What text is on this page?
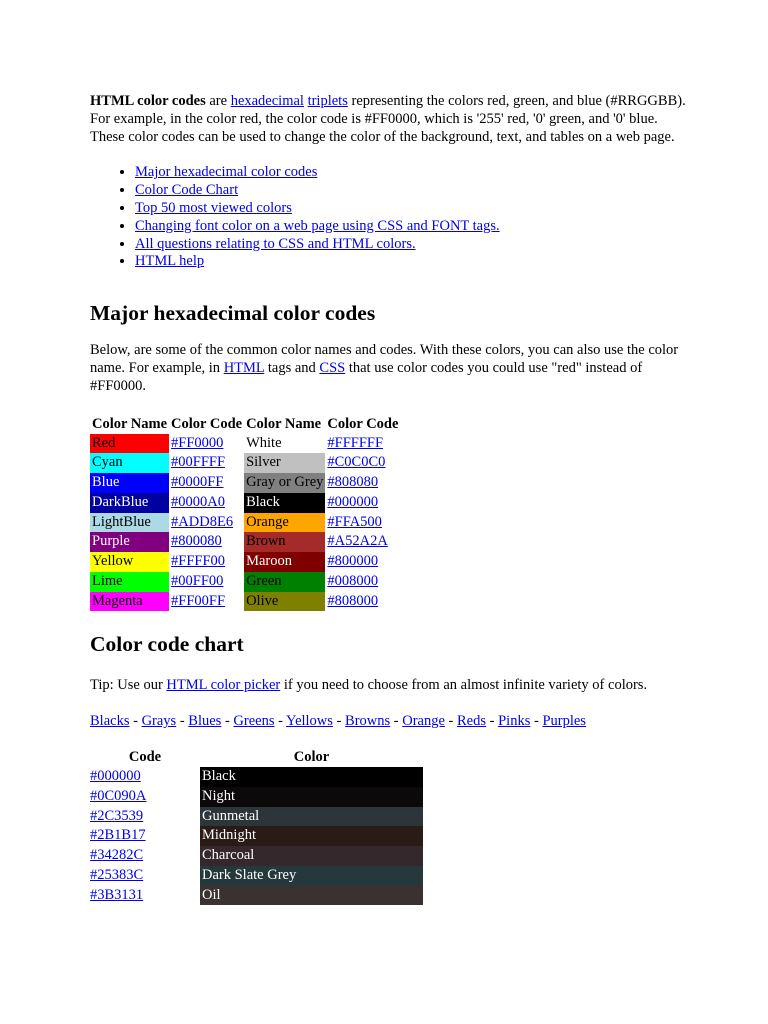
HTML color codes are hexadecimal triplets representing the colors red, green, and blue (#RRGGBB). For example, in the color red, the color code is #FF0000, which is '255' red, '0' green, and '0' blue. These color codes can be used to change the color of the background, text, and tables on a web page.

• Major hexadecimal color codes
• Color Code Chart
• Top 50 most viewed colors
• Changing font color on a web page using CSS and FONT tags.
• All questions relating to CSS and HTML colors.
• HTML help
Major hexadecimal color codes

Below, are some of the common color names and codes. With these colors, you can also use the color name. For example, in HTML tags and CSS that use color codes you could use "red" instead of #FF0000.

Color Name	Color Code	Color Name	Color Code
Red	#FF0000	White	#FFFFFF
Cyan	#00FFFF	Silver	#C0C0C0
Blue	#0000FF	Gray or Grey	#808080
DarkBlue	#0000A0	Black	#000000
LightBlue	#ADD8E6	Orange	#FFA500
Purple	#800080	Brown	#A52A2A
Yellow	#FFFF00	Maroon	#800000
Lime	#00FF00	Green	#008000
Magenta	#FF00FF	Olive	#808000
Color code chart

Tip: Use our HTML color picker if you need to choose from an almost infinite variety of colors.

Blacks - Grays - Blues - Greens - Yellows - Browns - Orange - Reds - Pinks - Purples

Code	Color
#000000	Black
#0C090A	Night
#2C3539	Gunmetal
#2B1B17	Midnight
#34282C	Charcoal
#25383C	Dark Slate Grey
#3B3131	Oil
